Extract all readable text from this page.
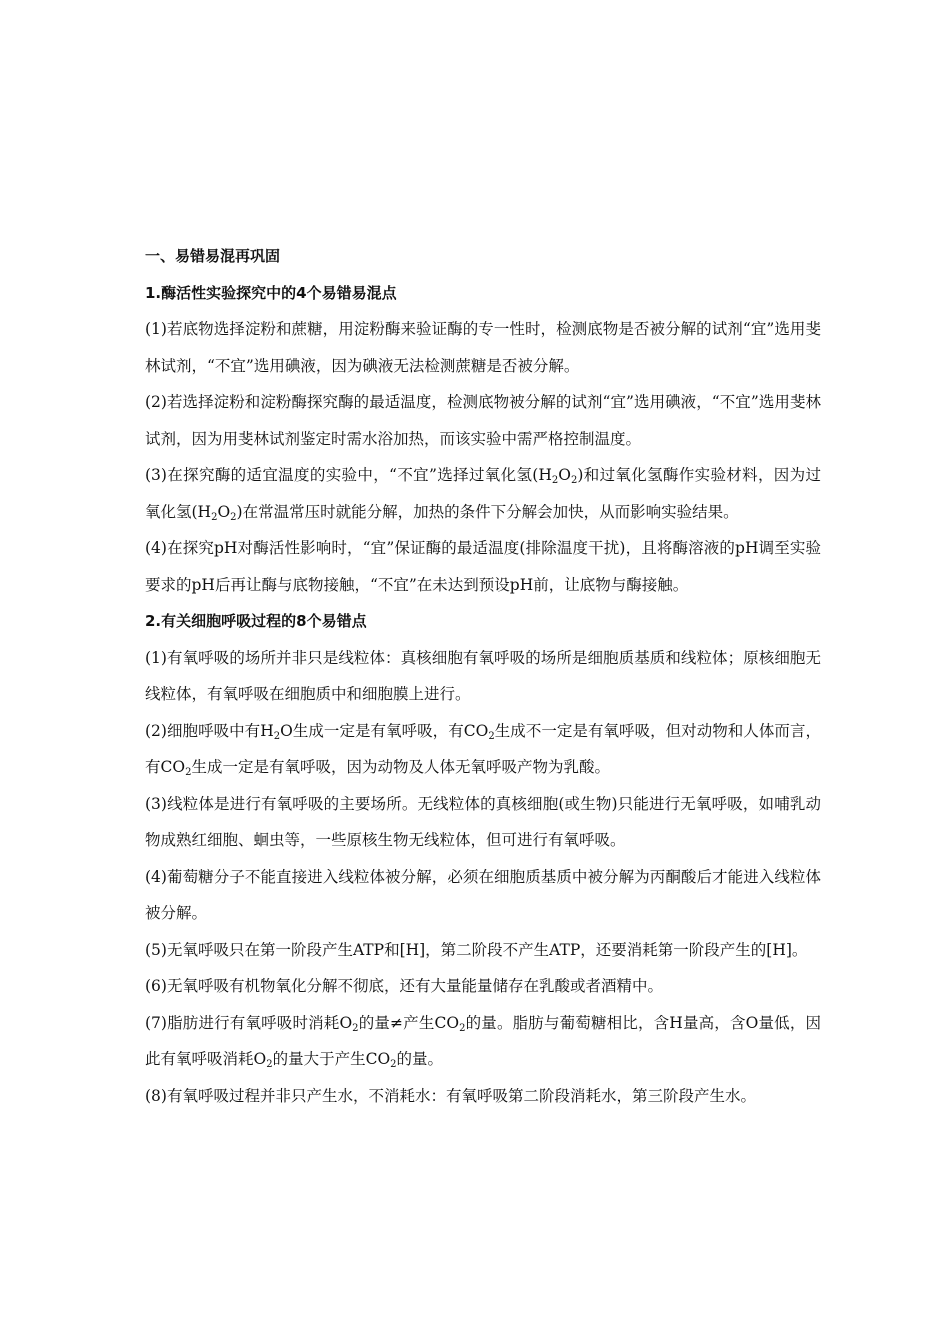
一、易错易混再巩固
1.酶活性实验探究中的4个易错易混点

(1)若底物选择淀粉和蔗糖，用淀粉酶来验证酶的专一性时，检测底物是否被分解的试剂“宜”选用斐林试剂，“不宜”选用碘液，因为碘液无法检测蔗糖是否被分解。

(2)若选择淀粉和淀粉酶探究酶的最适温度，检测底物被分解的试剂“宜”选用碘液，“不宜”选用斐林试剂，因为用斐林试剂鉴定时需水浴加热，而该实验中需严格控制温度。

(3)在探究酶的适宜温度的实验中，“不宜”选择过氧化氢$(H_2O_2)$和过氧化氢酶作实验材料，因为过氧化氢$(H_2O_2)$在常温常压时就能分解，加热的条件下分解会加快，从而影响实验结果。

(4)在探究pH对酶活性影响时，“宜”保证酶的最适温度(排除温度干扰)，且将酶溶液的pH调至实验要求的pH后再让酶与底物接触，“不宜”在未达到预设pH前，让底物与酶接触。

2.有关细胞呼吸过程的8个易错点

(1)有氧呼吸的场所并非只是线粒体：真核细胞有氧呼吸的场所是细胞质基质和线粒体；原核细胞无线粒体，有氧呼吸在细胞质中和细胞膜上进行。

(2)细胞呼吸中有$H_2O$生成一定是有氧呼吸，有$CO_2$生成不一定是有氧呼吸，但对动物和人体而言，有$CO_2$生成一定是有氧呼吸，因为动物及人体无氧呼吸产物为乳酸。

(3)线粒体是进行有氧呼吸的主要场所。无线粒体的真核细胞(或生物)只能进行无氧呼吸，如哺乳动物成熟红细胞、蛔虫等，一些原核生物无线粒体，但可进行有氧呼吸。

(4)葡萄糖分子不能直接进入线粒体被分解，必须在细胞质基质中被分解为丙酮酸后才能进入线粒体被分解。

(5)无氧呼吸只在第一阶段产生ATP和[H]，第二阶段不产生ATP，还要消耗第一阶段产生的[H]。

(6)无氧呼吸有机物氧化分解不彻底，还有大量能量储存在乳酸或者酒精中。

(7)脂肪进行有氧呼吸时消耗$O_2$的量≠产生$CO_2$的量。脂肪与葡萄糖相比，含H量高，含O量低，因此有氧呼吸消耗$O_2$的量大于产生$CO_2$的量。

(8)有氧呼吸过程并非只产生水，不消耗水：有氧呼吸第二阶段消耗水，第三阶段产生水。
